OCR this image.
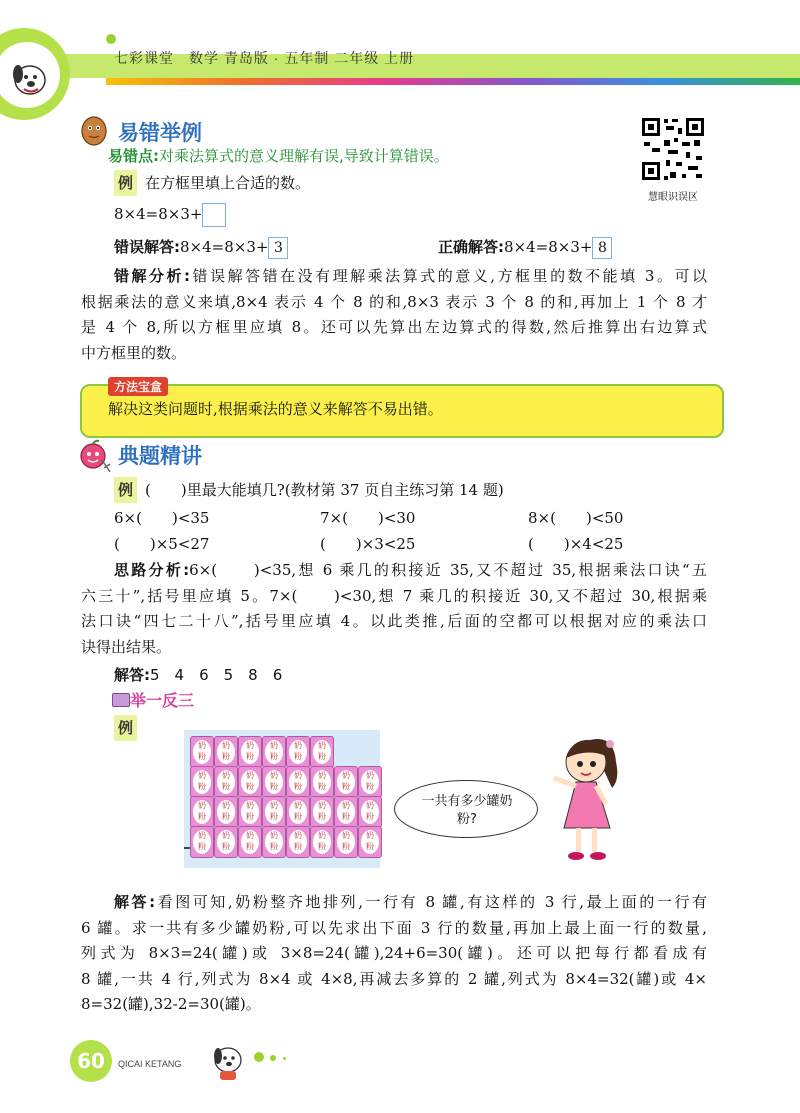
七彩课堂　数学 青岛版 · 五年制 二年级 上册
易错举例
易错点:对乘法算式的意义理解有误,导致计算错误。
例 在方框里填上合适的数。
8×4=8×3+
慧眼识误区
错误解答:8×4=8×3+ 3	正确解答:8×4=8×3+ 8
错解分析:错误解答错在没有理解乘法算式的意义,方框里的数不能填 3。可以
根据乘法的意义来填,8×4 表示 4 个 8 的和,8×3 表示 3 个 8 的和,再加上 1 个 8 才
是 4 个 8,所以方框里应填 8。还可以先算出左边算式的得数,然后推算出右边算式
中方框里的数。
方法宝盒
解决这类问题时,根据乘法的意义来解答不易出错。
典题精讲
例 (　　)里最大能填几?(教材第 37 页自主练习第 14 题)
6×(　　)<35	7×(　　)<30	8×(　　)<50
(　　)×5<27	(　　)×3<25	(　　)×4<25
思路分析:6×(　　)<35,想 6 乘几的积接近 35,又不超过 35,根据乘法口诀“五
六三十”,括号里应填 5。7×(　　)<30,想 7 乘几的积接近 30,又不超过 30,根据乘
法口诀“四七二十八”,括号里应填 4。以此类推,后面的空都可以根据对应的乘法口
诀得出结果。
解答:5　4　6　5　8　6
举一反三
例
奶
粉
奶
粉
奶
粉
奶
粉
奶
粉
奶
粉
奶
粉
奶
粉
奶
粉
奶
粉
奶
粉
奶
粉
奶
粉
奶
粉
奶
粉
奶
粉
奶
粉
奶
粉
奶
粉
奶
粉
奶
粉
奶
粉
奶
粉
奶
粉
奶
粉
奶
粉
奶
粉
奶
粉
奶
粉
奶
粉
一共有多少罐奶粉?
解答:看图可知,奶粉整齐地排列,一行有 8 罐,有这样的 3 行,最上面的一行有
6 罐。求一共有多少罐奶粉,可以先求出下面 3 行的数量,再加上最上面一行的数量,
列式为 8×3=24(罐)或 3×8=24(罐),24+6=30(罐)。还可以把每行都看成有
8 罐,一共 4 行,列式为 8×4 或 4×8,再减去多算的 2 罐,列式为 8×4=32(罐)或 4×
8=32(罐),32-2=30(罐)。
60	QICAI KETANG
